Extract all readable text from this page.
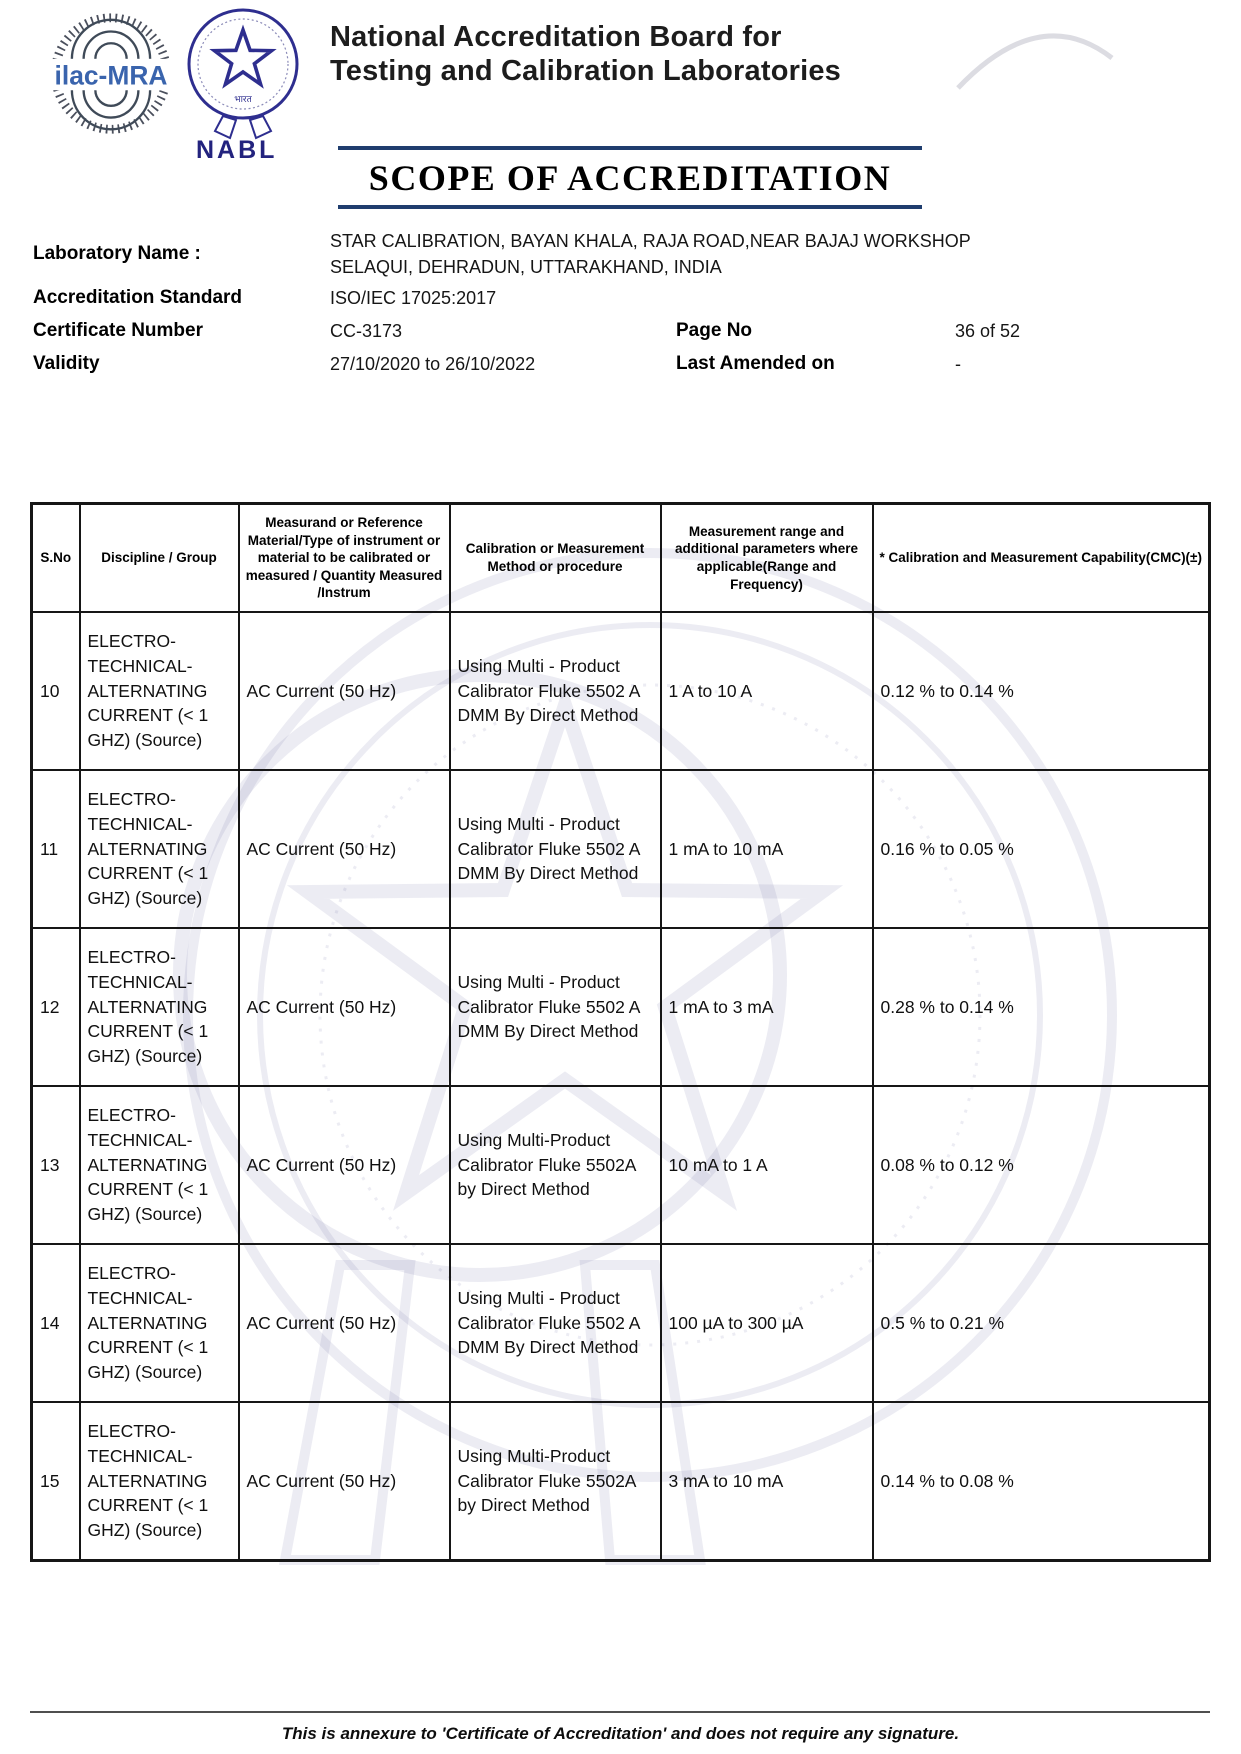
ilac-MRA
भारत
NABL
National Accreditation Board for
Testing and Calibration Laboratories
SCOPE OF ACCREDITATION
Laboratory Name :
STAR CALIBRATION, BAYAN KHALA, RAJA ROAD,NEAR BAJAJ WORKSHOP
SELAQUI, DEHRADUN, UTTARAKHAND, INDIA
Accreditation Standard	ISO/IEC 17025:2017
Certificate Number	CC-3173	Page No	36 of 52
Validity	27/10/2020 to 26/10/2022	Last Amended on	-
S.No	Discipline / Group	Measurand or Reference Material/Type of instrument or material to be calibrated or measured / Quantity Measured /Instrum	Calibration or Measurement Method or procedure	Measurement range and additional parameters where applicable(Range and Frequency)	* Calibration and Measurement Capability(CMC)(±)
10	ELECTRO-TECHNICAL-ALTERNATING CURRENT (< 1 GHZ) (Source)	AC Current (50 Hz)	Using Multi - Product Calibrator Fluke 5502 A DMM By Direct Method	1 A to 10 A	0.12 % to 0.14 %
11	ELECTRO-TECHNICAL-ALTERNATING CURRENT (< 1 GHZ) (Source)	AC Current (50 Hz)	Using Multi - Product Calibrator Fluke 5502 A DMM By Direct Method	1 mA to 10 mA	0.16 % to 0.05 %
12	ELECTRO-TECHNICAL-ALTERNATING CURRENT (< 1 GHZ) (Source)	AC Current (50 Hz)	Using Multi - Product Calibrator Fluke 5502 A DMM By Direct Method	1 mA to 3 mA	0.28 % to 0.14 %
13	ELECTRO-TECHNICAL-ALTERNATING CURRENT (< 1 GHZ) (Source)	AC Current (50 Hz)	Using Multi-Product Calibrator Fluke 5502A by Direct Method	10 mA to 1 A	0.08 % to 0.12 %
14	ELECTRO-TECHNICAL-ALTERNATING CURRENT (< 1 GHZ) (Source)	AC Current (50 Hz)	Using Multi - Product Calibrator Fluke 5502 A DMM By Direct Method	100 µA to 300 µA	0.5 % to 0.21 %
15	ELECTRO-TECHNICAL-ALTERNATING CURRENT (< 1 GHZ) (Source)	AC Current (50 Hz)	Using Multi-Product Calibrator Fluke 5502A by Direct Method	3 mA to 10 mA	0.14 % to 0.08 %
This is annexure to 'Certificate of Accreditation' and does not require any signature.
